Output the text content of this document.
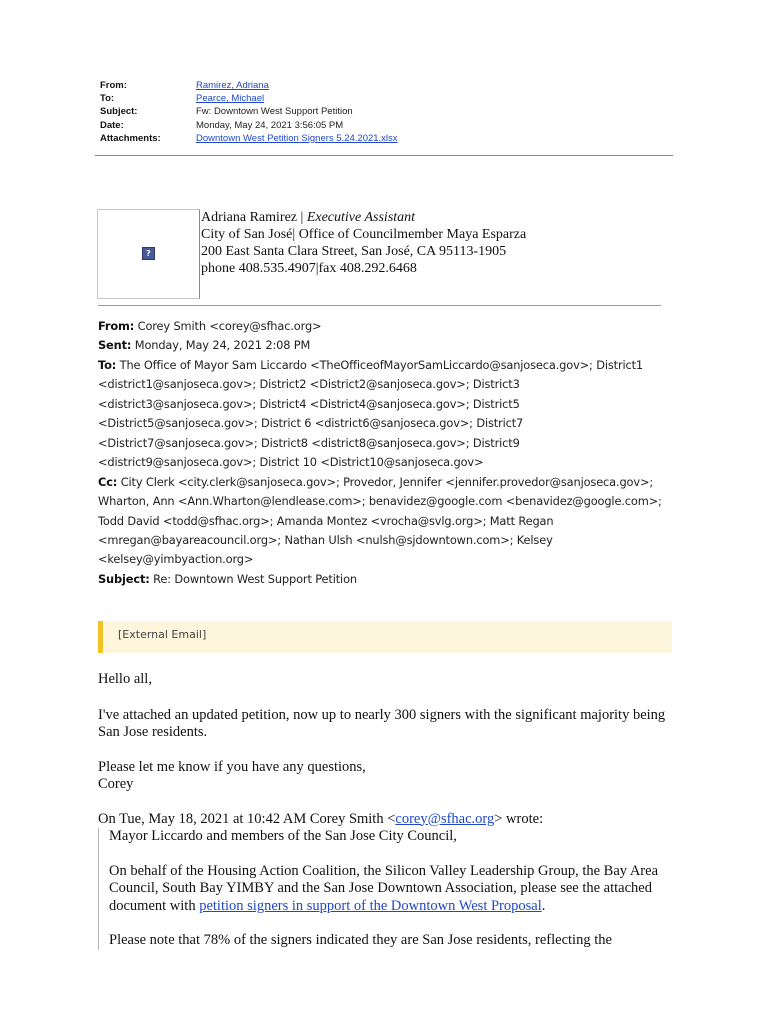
From:	Ramirez, Adriana
To:	Pearce, Michael
Subject:	Fw: Downtown West Support Petition
Date:	Monday, May 24, 2021 3:56:05 PM
Attachments:	Downtown West Petition Signers 5.24.2021.xlsx
?
Adriana Ramirez | Executive Assistant
City of San José| Office of Councilmember Maya Esparza
200 East Santa Clara Street, San José, CA 95113-1905
phone 408.535.4907|fax 408.292.6468
From: Corey Smith <corey@sfhac.org>
Sent: Monday, May 24, 2021 2:08 PM
To: The Office of Mayor Sam Liccardo <TheOfficeofMayorSamLiccardo@sanjoseca.gov>; District1
<district1@sanjoseca.gov>; District2 <District2@sanjoseca.gov>; District3
<district3@sanjoseca.gov>; District4 <District4@sanjoseca.gov>; District5
<District5@sanjoseca.gov>; District 6 <district6@sanjoseca.gov>; District7
<District7@sanjoseca.gov>; District8 <district8@sanjoseca.gov>; District9
<district9@sanjoseca.gov>; District 10 <District10@sanjoseca.gov>
Cc: City Clerk <city.clerk@sanjoseca.gov>; Provedor, Jennifer <jennifer.provedor@sanjoseca.gov>;
Wharton, Ann <Ann.Wharton@lendlease.com>; benavidez@google.com <benavidez@google.com>;
Todd David <todd@sfhac.org>; Amanda Montez <vrocha@svlg.org>; Matt Regan
<mregan@bayareacouncil.org>; Nathan Ulsh <nulsh@sjdowntown.com>; Kelsey
<kelsey@yimbyaction.org>
Subject: Re: Downtown West Support Petition
[External Email]

Hello all,

I've attached an updated petition, now up to nearly 300 signers with the significant majority being San Jose residents.

Please let me know if you have any questions,
Corey

On Tue, May 18, 2021 at 10:42 AM Corey Smith <corey@sfhac.org> wrote:

Mayor Liccardo and members of the San Jose City Council,

On behalf of the Housing Action Coalition, the Silicon Valley Leadership Group, the Bay Area Council, South Bay YIMBY and the San Jose Downtown Association, please see the attached document with petition signers in support of the Downtown West Proposal.

Please note that 78% of the signers indicated they are San Jose residents, reflecting the
